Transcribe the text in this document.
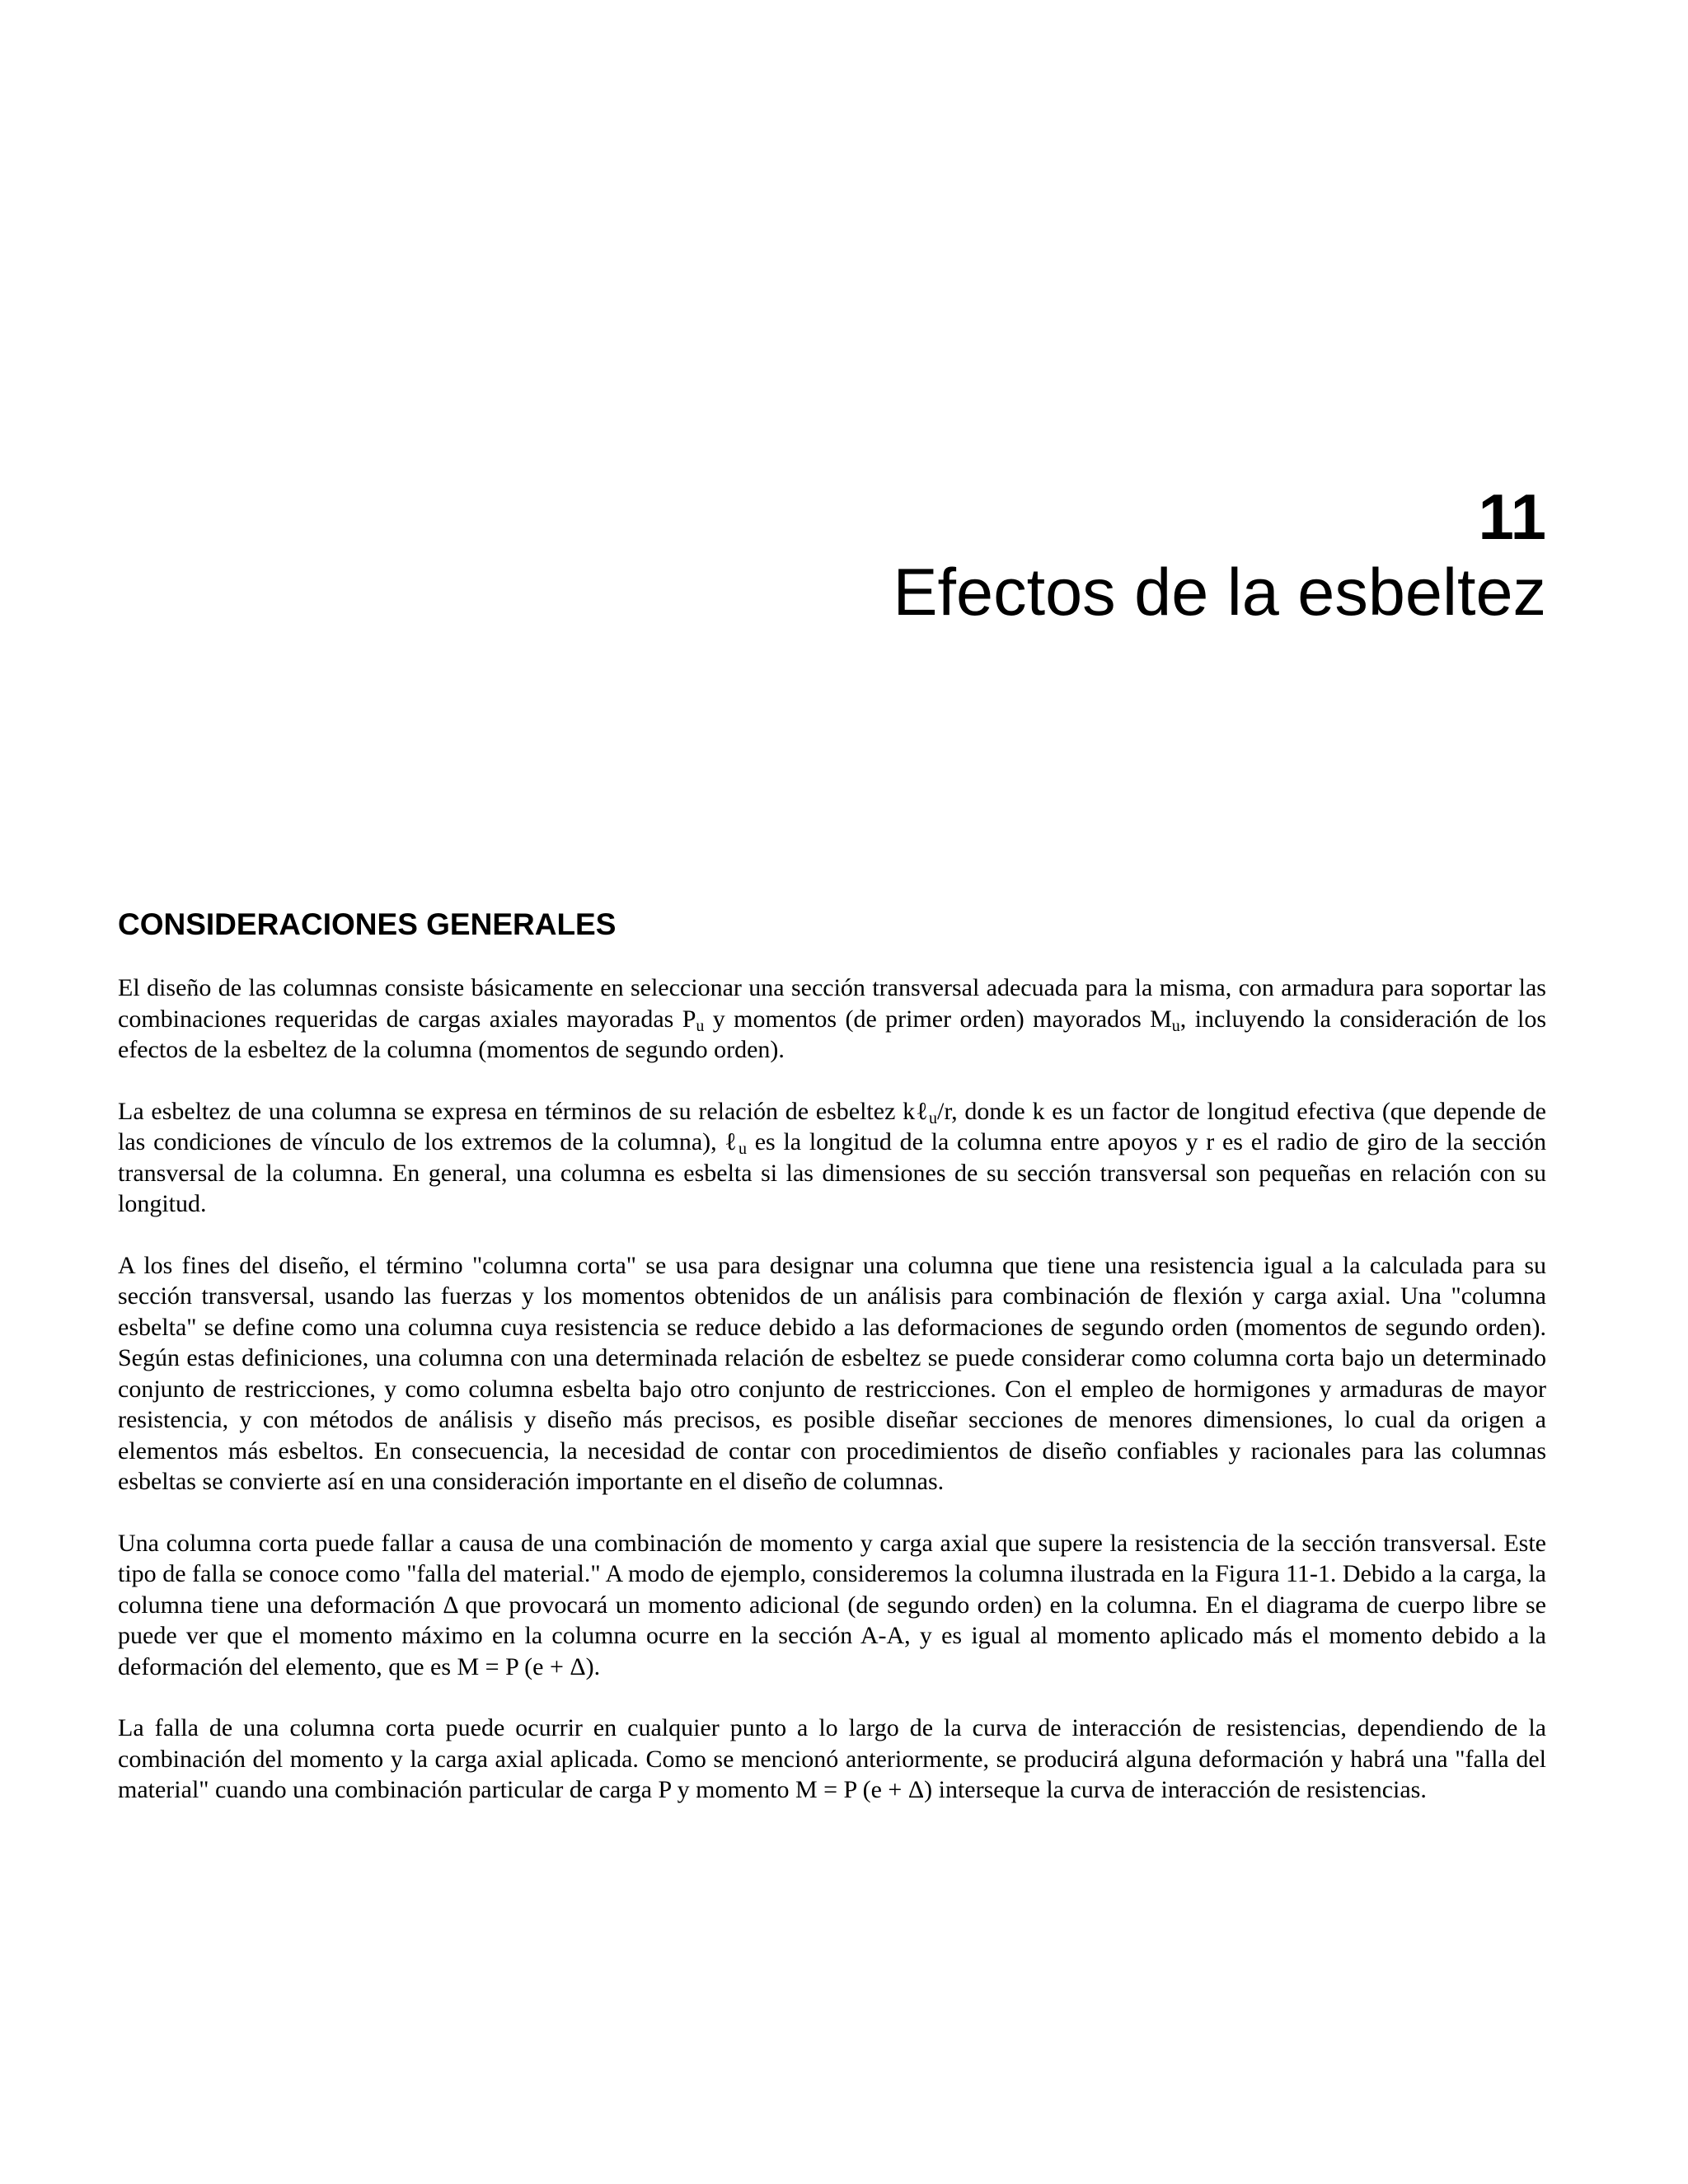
11
Efectos de la esbeltez
CONSIDERACIONES GENERALES

El diseño de las columnas consiste básicamente en seleccionar una sección transversal adecuada para la misma, con armadura para soportar las combinaciones requeridas de cargas axiales mayoradas $P_u$ y momentos (de primer orden) mayorados $M_u$, incluyendo la consideración de los efectos de la esbeltez de la columna (momentos de segundo orden).

La esbeltez de una columna se expresa en términos de su relación de esbeltez kℓ$_u$/r, donde k es un factor de longitud efectiva (que depende de las condiciones de vínculo de los extremos de la columna), ℓ$_u$ es la longitud de la columna entre apoyos y r es el radio de giro de la sección transversal de la columna. En general, una columna es esbelta si las dimensiones de su sección transversal son pequeñas en relación con su longitud.

A los fines del diseño, el término "columna corta" se usa para designar una columna que tiene una resistencia igual a la calculada para su sección transversal, usando las fuerzas y los momentos obtenidos de un análisis para combinación de flexión y carga axial. Una "columna esbelta" se define como una columna cuya resistencia se reduce debido a las deformaciones de segundo orden (momentos de segundo orden). Según estas definiciones, una columna con una determinada relación de esbeltez se puede considerar como columna corta bajo un determinado conjunto de restricciones, y como columna esbelta bajo otro conjunto de restricciones. Con el empleo de hormigones y armaduras de mayor resistencia, y con métodos de análisis y diseño más precisos, es posible diseñar secciones de menores dimensiones, lo cual da origen a elementos más esbeltos. En consecuencia, la necesidad de contar con procedimientos de diseño confiables y racionales para las columnas esbeltas se convierte así en una consideración importante en el diseño de columnas.

Una columna corta puede fallar a causa de una combinación de momento y carga axial que supere la resistencia de la sección transversal. Este tipo de falla se conoce como "falla del material." A modo de ejemplo, consideremos la columna ilustrada en la Figura 11-1. Debido a la carga, la columna tiene una deformación Δ que provocará un momento adicional (de segundo orden) en la columna. En el diagrama de cuerpo libre se puede ver que el momento máximo en la columna ocurre en la sección A-A, y es igual al momento aplicado más el momento debido a la deformación del elemento, que es M = P (e + Δ).

La falla de una columna corta puede ocurrir en cualquier punto a lo largo de la curva de interacción de resistencias, dependiendo de la combinación del momento y la carga axial aplicada. Como se mencionó anteriormente, se producirá alguna deformación y habrá una "falla del material" cuando una combinación particular de carga P y momento M = P (e + Δ) interseque la curva de interacción de resistencias.
